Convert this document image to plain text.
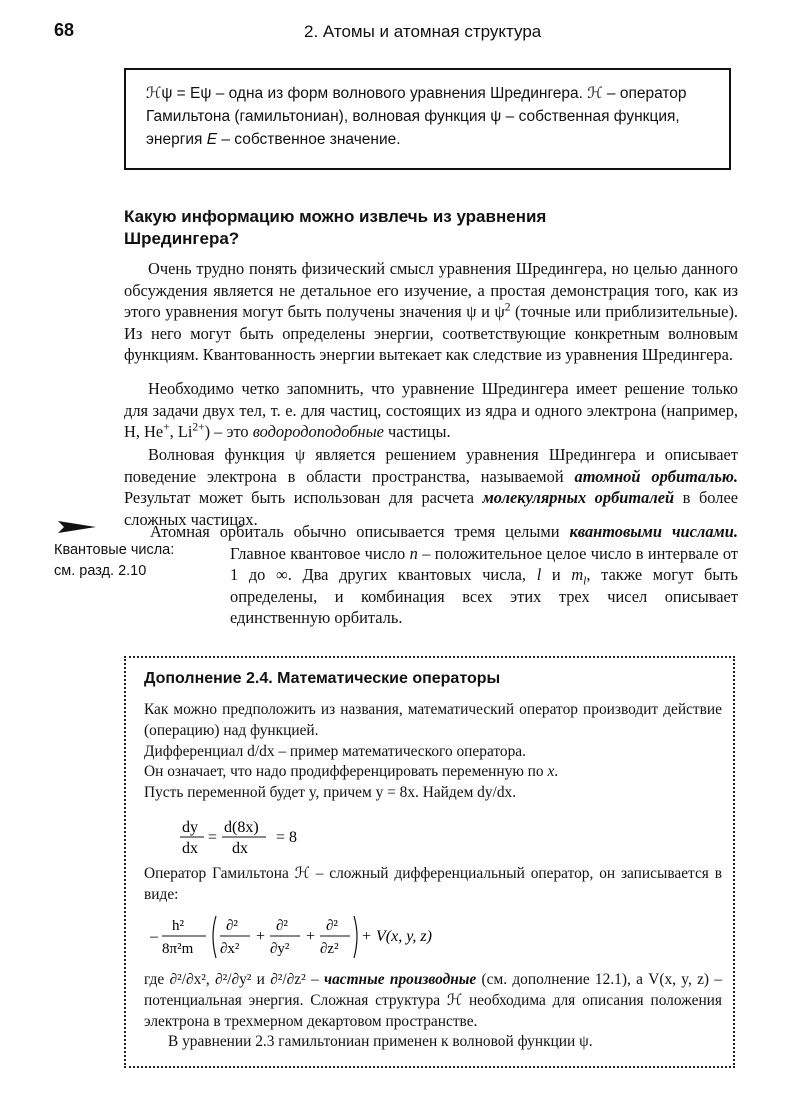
68	2. Атомы и атомная структура
ℋψ = Eψ – одна из форм волнового уравнения Шредингера. ℋ – оператор Гамильтона (гамильтониан), волновая функция ψ – собственная функция, энергия E – собственное значение.
Какую информацию можно извлечь из уравнения Шредингера?
Очень трудно понять физический смысл уравнения Шредингера, но целью данного обсуждения является не детальное его изучение, а простая демонстрация того, как из этого уравнения могут быть получены значения ψ и $\psi^2$ (точные или приблизительные). Из него могут быть определены энергии, соответствующие конкретным волновым функциям. Квантованность энергии вытекает как следствие из уравнения Шредингера.
Необходимо четко запомнить, что уравнение Шредингера имеет решение только для задачи двух тел, т. е. для частиц, состоящих из ядра и одного электрона (например, H, He+, $Li^{2+}$) – это водородоподобные частицы.
Волновая функция ψ является решением уравнения Шредингера и описывает поведение электрона в области пространства, называемой атомной орбиталью. Результат может быть использован для расчета молекулярных орбиталей в более сложных частицах.
Атомная орбиталь обычно описывается тремя целыми квантовыми числами. Главное квантовое число n – положительное целое число в интервале от 1 до ∞. Два других квантовых числа, l и $m_l$, также могут быть определены, и комбинация всех этих трех чисел описывает единственную орбиталь.
Квантовые числа:
см. разд. 2.10
Дополнение 2.4. Математические операторы
Как можно предположить из названия, математический оператор производит действие (операцию) над функцией.
Дифференциал d/dx – пример математического оператора.
Он означает, что надо продифференцировать переменную по x.
Пусть переменной будет y, причем y = 8x. Найдем dy/dx.
dy
dx
=
d(8x)
dx
= 8
Оператор Гамильтона ℋ – сложный дифференциальный оператор, он записывается в виде:
–
h²
8π²m
∂²
∂x²
+
∂²
∂y²
+
∂²
∂z²
+ V(x, y, z)
где ∂²/∂x², ∂²/∂y² и ∂²/∂z² – частные производные (см. дополнение 12.1), а V(x, y, z) – потенциальная энергия. Сложная структура ℋ необходима для описания положения электрона в трехмерном декартовом пространстве.
В уравнении 2.3 гамильтониан применен к волновой функции ψ.
